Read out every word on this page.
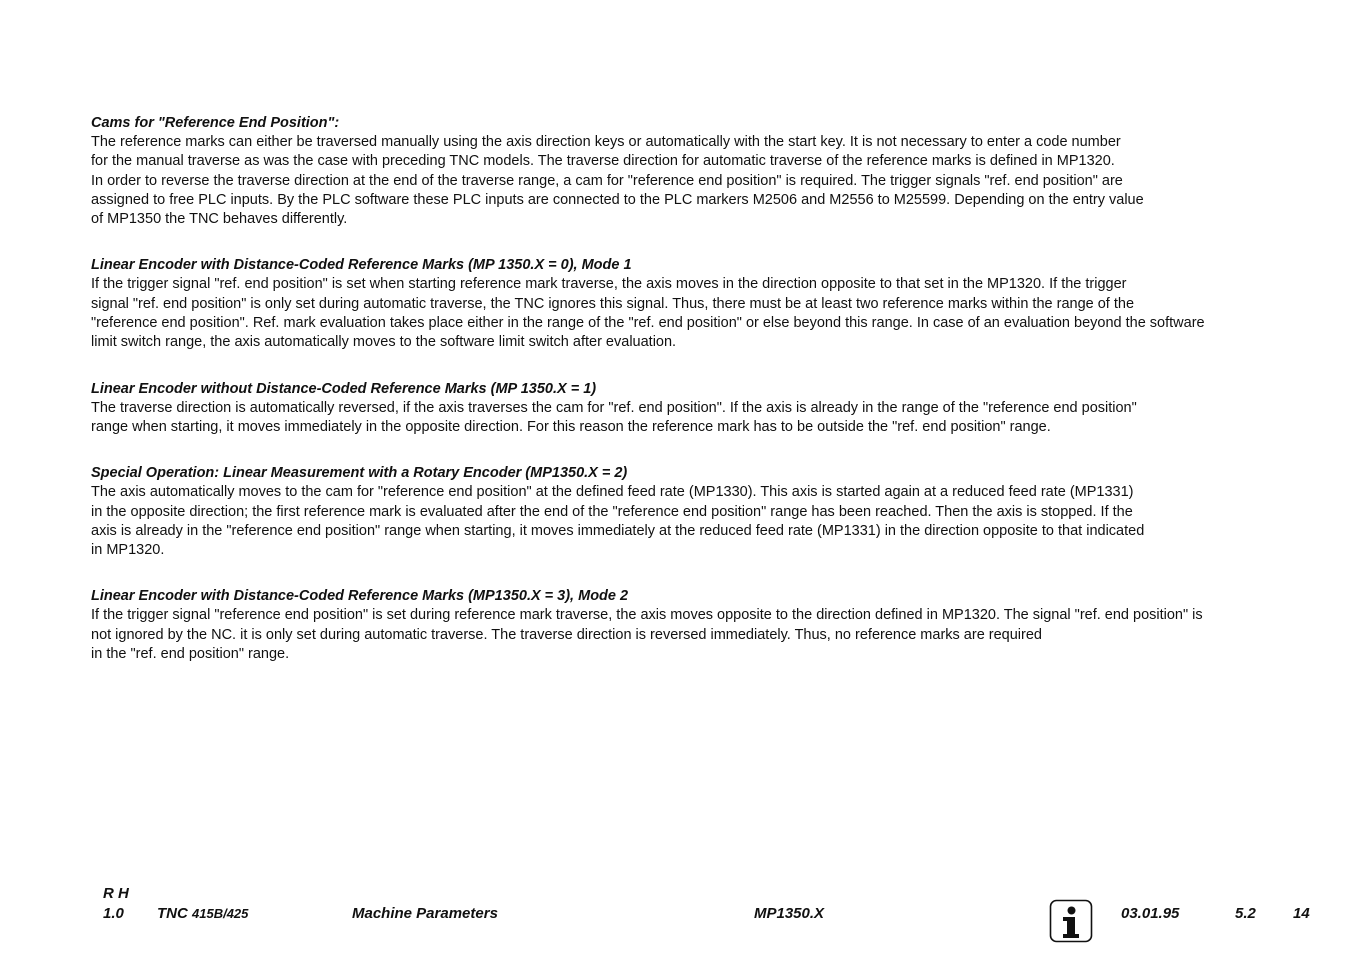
Cams for "Reference End Position":

The reference marks can either be traversed manually using the axis direction keys or automatically with the start key. It is not necessary to enter a code number

for the manual traverse as was the case with preceding TNC models. The traverse direction for automatic traverse of the reference marks is defined in MP1320.

In order to reverse the traverse direction at the end of the traverse range, a cam for "reference end position" is required. The trigger signals "ref. end position" are

assigned to free PLC inputs. By the PLC software these PLC inputs are connected to the PLC markers M2506 and M2556 to M25599. Depending on the entry value

of MP1350 the TNC behaves differently.

Linear Encoder with Distance-Coded Reference Marks (MP 1350.X = 0), Mode 1

If the trigger signal "ref. end position" is set when starting reference mark traverse, the axis moves in the direction opposite to that set in the MP1320. If the trigger

signal "ref. end position" is only set during automatic traverse, the TNC ignores this signal. Thus, there must be at least two reference marks within the range of the

"reference end position". Ref. mark evaluation takes place either in the range of the "ref. end position" or else beyond this range. In case of an evaluation beyond the software

limit switch range, the axis automatically moves to the software limit switch after evaluation.

Linear Encoder without Distance-Coded Reference Marks (MP 1350.X = 1)

The traverse direction is automatically reversed, if the axis traverses the cam for "ref. end position". If the axis is already in the range of the "reference end position"

range when starting, it moves immediately in the opposite direction. For this reason the reference mark has to be outside the "ref. end position" range.

Special Operation: Linear Measurement with a Rotary Encoder (MP1350.X = 2)

The axis automatically moves to the cam for "reference end position" at the defined feed rate (MP1330). This axis is started again at a reduced feed rate (MP1331)

in the opposite direction; the first reference mark is evaluated after the end of the "reference end position" range has been reached. Then the axis is stopped. If the

axis is already in the "reference end position" range when starting, it moves immediately at the reduced feed rate (MP1331) in the direction opposite to that indicated

in MP1320.

Linear Encoder with Distance-Coded Reference Marks (MP1350.X = 3), Mode 2

If the trigger signal "reference end position" is set during reference mark traverse, the axis moves opposite to the direction defined in MP1320. The signal "ref. end position" is

not ignored by the NC. it is only set during automatic traverse. The traverse direction is reversed immediately. Thus, no reference marks are required

in the "ref. end position" range.

R H
1.0 TNC 415B/425	Machine Parameters	MP1350.X	03.01.95	5.2 14
